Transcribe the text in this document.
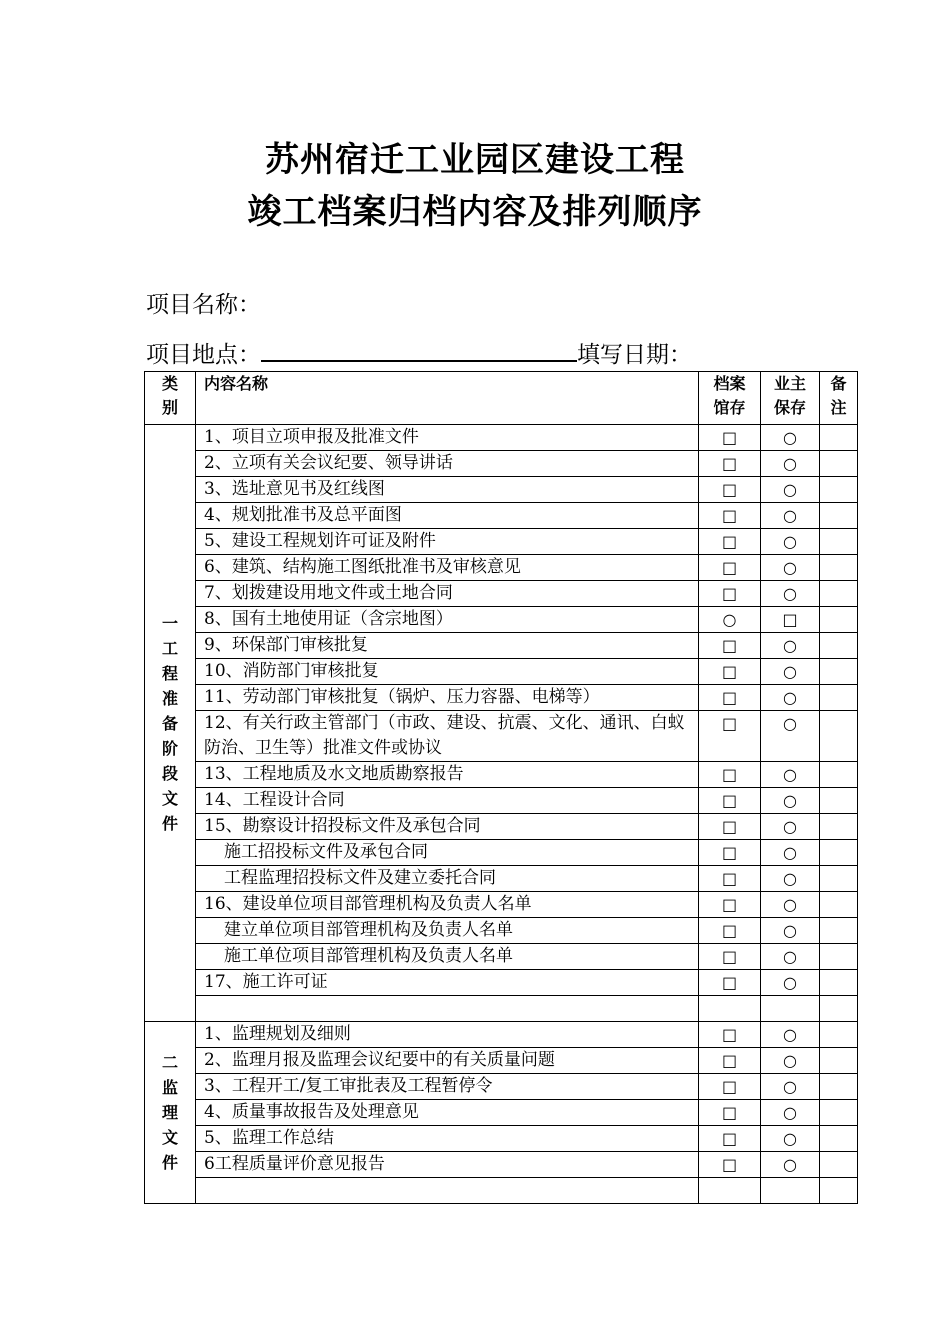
苏州宿迁工业园区建设工程
竣工档案归档内容及排列顺序
项目名称：
项目地点：	填写日期：
类别	内容名称	档案馆存	业主保存	备注

一工程准备阶段文件	1、项目立项申报及批准文件	□	○	
	2、立项有关会议纪要、领导讲话	□	○	
	3、选址意见书及红线图	□	○	
	4、规划批准书及总平面图	□	○	
	5、建设工程规划许可证及附件	□	○	
	6、建筑、结构施工图纸批准书及审核意见	□	○	
	7、划拨建设用地文件或土地合同	□	○	
	8、国有土地使用证（含宗地图）	○	□	
	9、环保部门审核批复	□	○	
	10、消防部门审核批复	□	○	
	11、劳动部门审核批复（锅炉、压力容器、电梯等）	□	○	
	12、有关行政主管部门（市政、建设、抗震、文化、通讯、白蚁防治、卫生等）批准文件或协议	□	○	
	13、工程地质及水文地质勘察报告	□	○	
	14、工程设计合同	□	○	
	15、勘察设计招投标文件及承包合同	□	○	
	施工招投标文件及承包合同	□	○	
	工程监理招投标文件及建立委托合同	□	○	
	16、建设单位项目部管理机构及负责人名单	□	○	
	建立单位项目部管理机构及负责人名单	□	○	
	施工单位项目部管理机构及负责人名单	□	○	
	17、施工许可证	□	○	

二监理文件	1、监理规划及细则	□	○	
	2、监理月报及监理会议纪要中的有关质量问题	□	○	
	3、工程开工/复工审批表及工程暂停令	□	○	
	4、质量事故报告及处理意见	□	○	
	5、监理工作总结	□	○	
	6工程质量评价意见报告	□	○	
